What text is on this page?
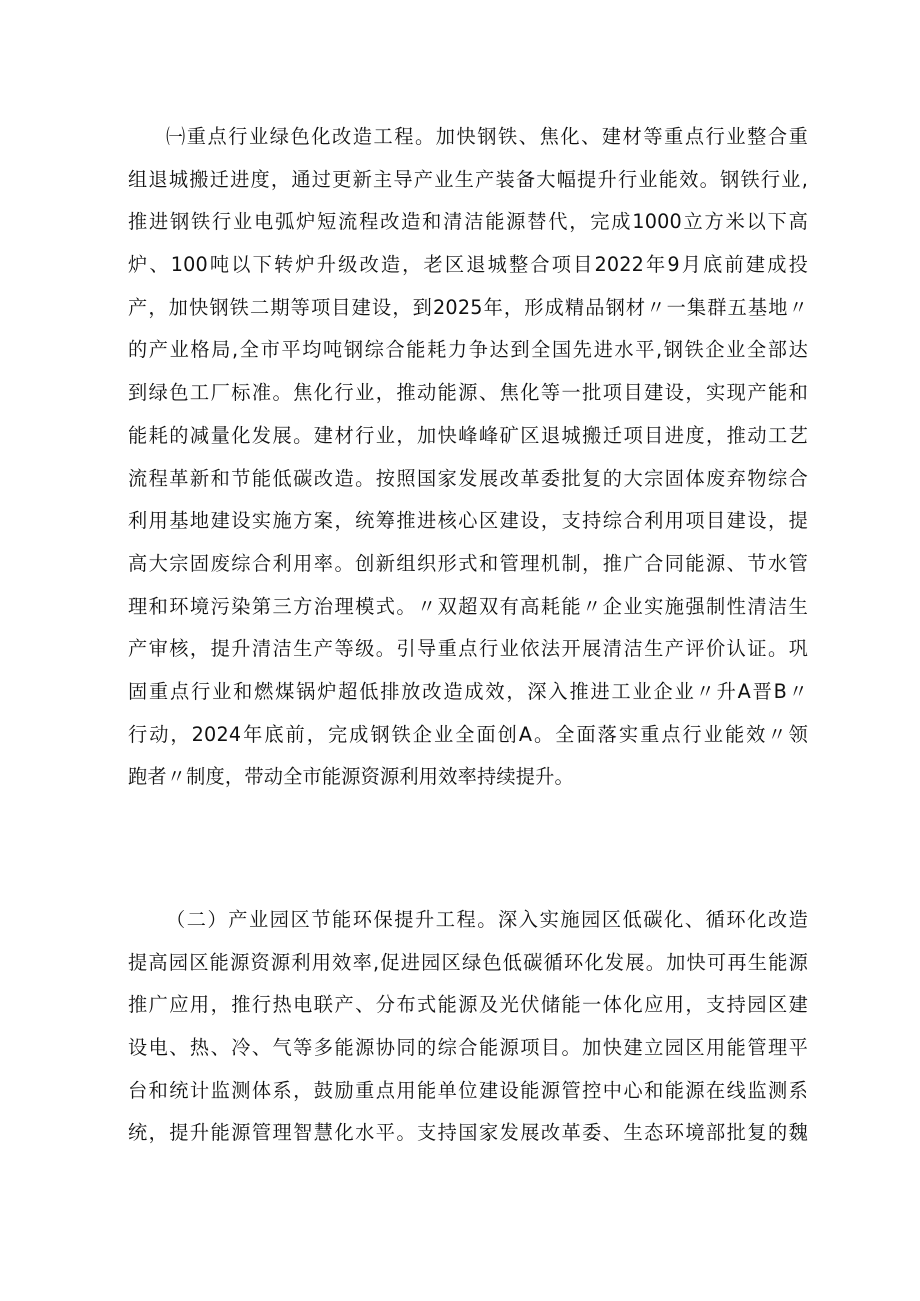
㈠重点行业绿色化改造工程。加快钢铁、焦化、建材等重点行业整合重
组退城搬迁进度，通过更新主导产业生产装备大幅提升行业能效。钢铁行业,
推进钢铁行业电弧炉短流程改造和清洁能源替代，完成1000立方米以下高
炉、100吨以下转炉升级改造，老区退城整合项目2022年9月底前建成投
产，加快钢铁二期等项目建设，到2025年，形成精品钢材〃一集群五基地〃
的产业格局,全市平均吨钢综合能耗力争达到全国先进水平,钢铁企业全部达
到绿色工厂标准。焦化行业，推动能源、焦化等一批项目建设，实现产能和
能耗的减量化发展。建材行业，加快峰峰矿区退城搬迁项目进度，推动工艺
流程革新和节能低碳改造。按照国家发展改革委批复的大宗固体废弃物综合
利用基地建设实施方案，统筹推进核心区建设，支持综合利用项目建设，提
高大宗固废综合利用率。创新组织形式和管理机制，推广合同能源、节水管
理和环境污染第三方治理模式。〃双超双有高耗能〃企业实施强制性清洁生
产审核，提升清洁生产等级。引导重点行业依法开展清洁生产评价认证。巩
固重点行业和燃煤锅炉超低排放改造成效，深入推进工业企业〃升A晋B〃
行动，2024年底前，完成钢铁企业全面创A。全面落实重点行业能效〃领
跑者〃制度，带动全市能源资源利用效率持续提升。
（二）产业园区节能环保提升工程。深入实施园区低碳化、循环化改造
提高园区能源资源利用效率,促进园区绿色低碳循环化发展。加快可再生能源
推广应用，推行热电联产、分布式能源及光伏储能一体化应用，支持园区建
设电、热、冷、气等多能源协同的综合能源项目。加快建立园区用能管理平
台和统计监测体系，鼓励重点用能单位建设能源管控中心和能源在线监测系
统，提升能源管理智慧化水平。支持国家发展改革委、生态环境部批复的魏
